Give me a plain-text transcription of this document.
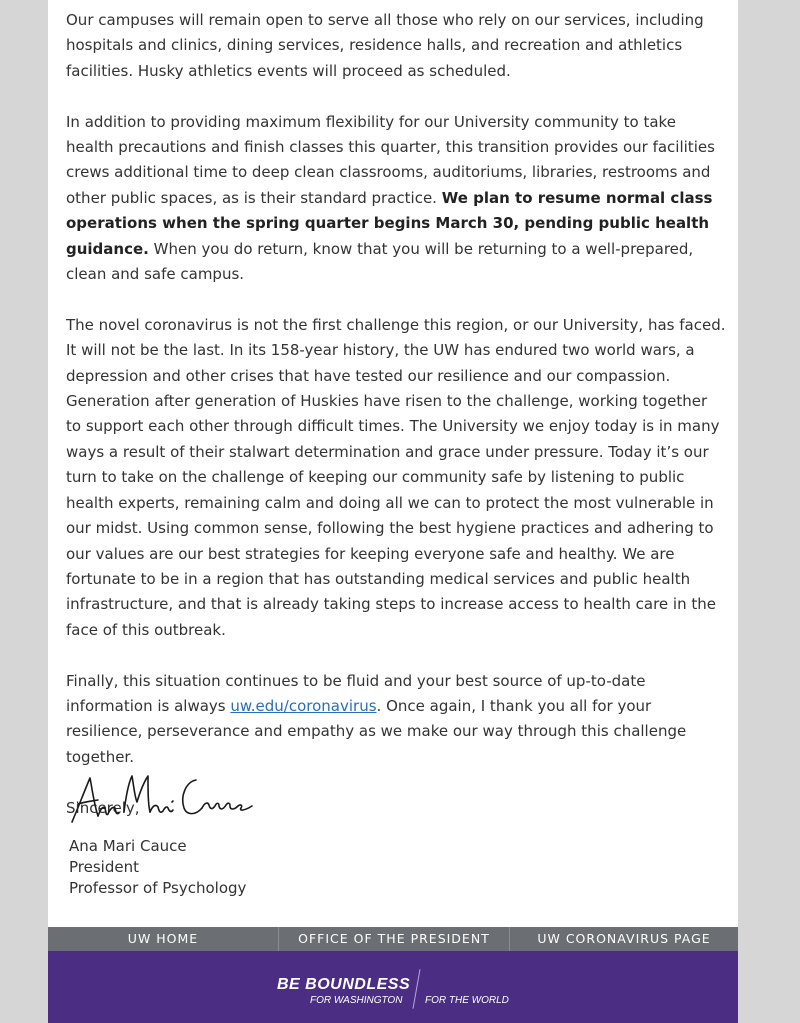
Our campuses will remain open to serve all those who rely on our services, including hospitals and clinics, dining services, residence halls, and recreation and athletics facilities. Husky athletics events will proceed as scheduled.

In addition to providing maximum flexibility for our University community to take health precautions and finish classes this quarter, this transition provides our facilities crews additional time to deep clean classrooms, auditoriums, libraries, restrooms and other public spaces, as is their standard practice. We plan to resume normal class operations when the spring quarter begins March 30, pending public health guidance. When you do return, know that you will be returning to a well-prepared, clean and safe campus.

The novel coronavirus is not the first challenge this region, or our University, has faced. It will not be the last. In its 158-year history, the UW has endured two world wars, a depression and other crises that have tested our resilience and our compassion. Generation after generation of Huskies have risen to the challenge, working together to support each other through difficult times. The University we enjoy today is in many ways a result of their stalwart determination and grace under pressure. Today it’s our turn to take on the challenge of keeping our community safe by listening to public health experts, remaining calm and doing all we can to protect the most vulnerable in our midst. Using common sense, following the best hygiene practices and adhering to our values are our best strategies for keeping everyone safe and healthy. We are fortunate to be in a region that has outstanding medical services and public health infrastructure, and that is already taking steps to increase access to health care in the face of this outbreak.

Finally, this situation continues to be fluid and your best source of up-to-date information is always uw.edu/coronavirus. Once again, I thank you all for your resilience, perseverance and empathy as we make our way through this challenge together.

Sincerely,

Ana Mari Cauce
President
Professor of Psychology
UW HOME	OFFICE OF THE PRESIDENT	UW CORONAVIRUS PAGE
BE BOUNDLESS
FOR WASHINGTON FOR THE WORLD
